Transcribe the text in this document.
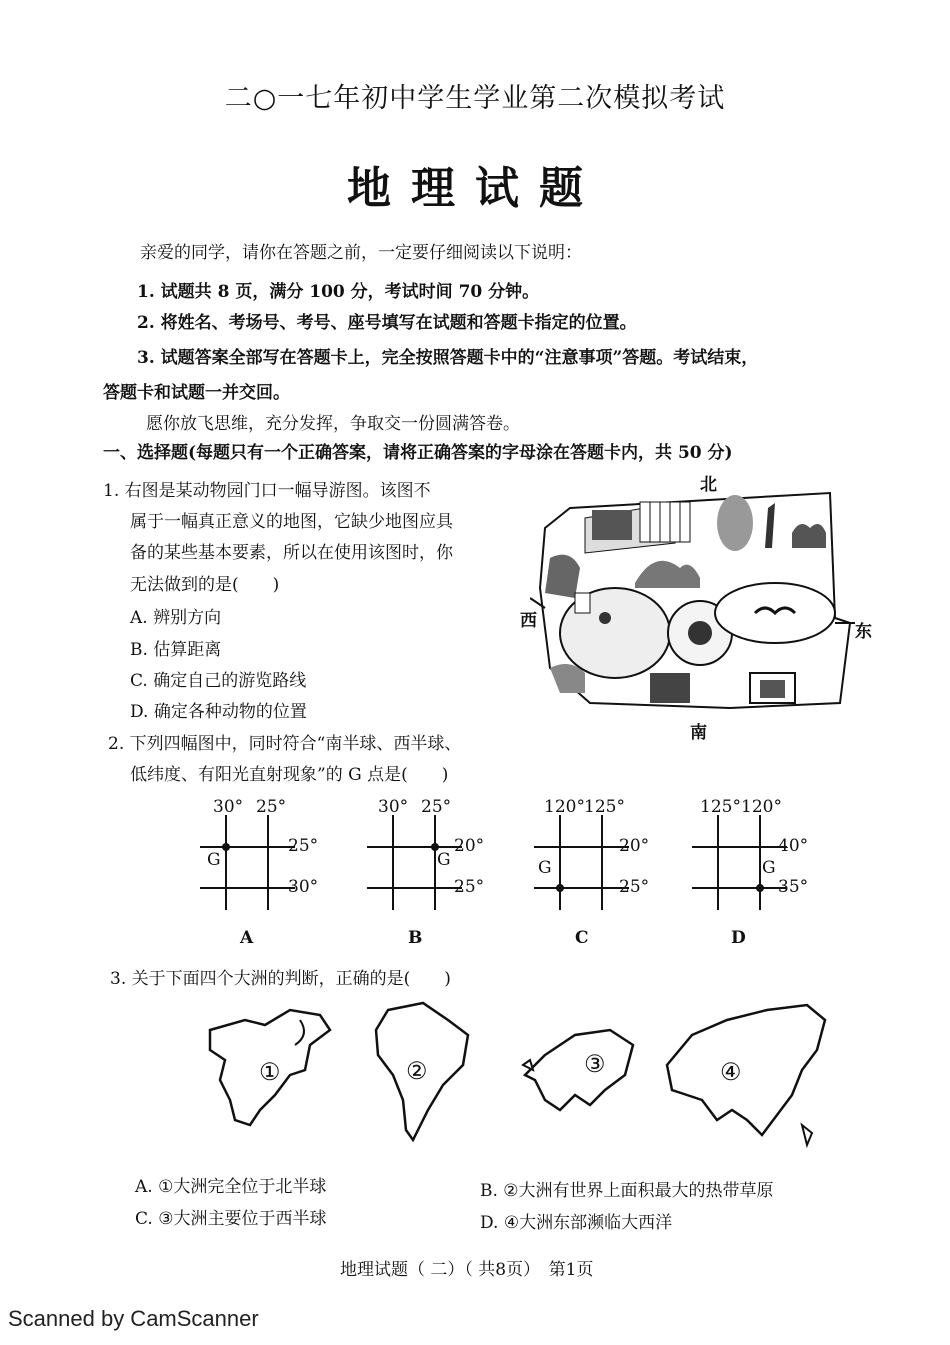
二○一七年初中学生学业第二次模拟考试
地理试题
亲爱的同学，请你在答题之前，一定要仔细阅读以下说明：
1. 试题共 8 页，满分 100 分，考试时间 70 分钟。
2. 将姓名、考场号、考号、座号填写在试题和答题卡指定的位置。
3. 试题答案全部写在答题卡上，完全按照答题卡中的“注意事项”答题。考试结束，
答题卡和试题一并交回。
愿你放飞思维，充分发挥，争取交一份圆满答卷。
一、选择题(每题只有一个正确答案，请将正确答案的字母涂在答题卡内，共 50 分)
1. 右图是某动物园门口一幅导游图。该图不
属于一幅真正意义的地图，它缺少地图应具
备的某些基本要素，所以在使用该图时，你
无法做到的是(　　)
A. 辨别方向
B. 估算距离
C. 确定自己的游览路线
D. 确定各种动物的位置
北
南
西
东
2. 下列四幅图中，同时符合“南半球、西半球、
低纬度、有阳光直射现象”的 G 点是(　　)
30° 25°
25°
30°
G
A
30° 25°
20°
25°
G
B
120° 125°
20°
25°
G
C
125° 120°
40°
35°
G
D
3. 关于下面四个大洲的判断，正确的是(　　)
①	②	③	④
A. ①大洲完全位于北半球	B. ②大洲有世界上面积最大的热带草原
C. ③大洲主要位于西半球	D. ④大洲东部濒临大西洋
地理试题（ 二）（ 共8页）　第1页
Scanned by CamScanner
